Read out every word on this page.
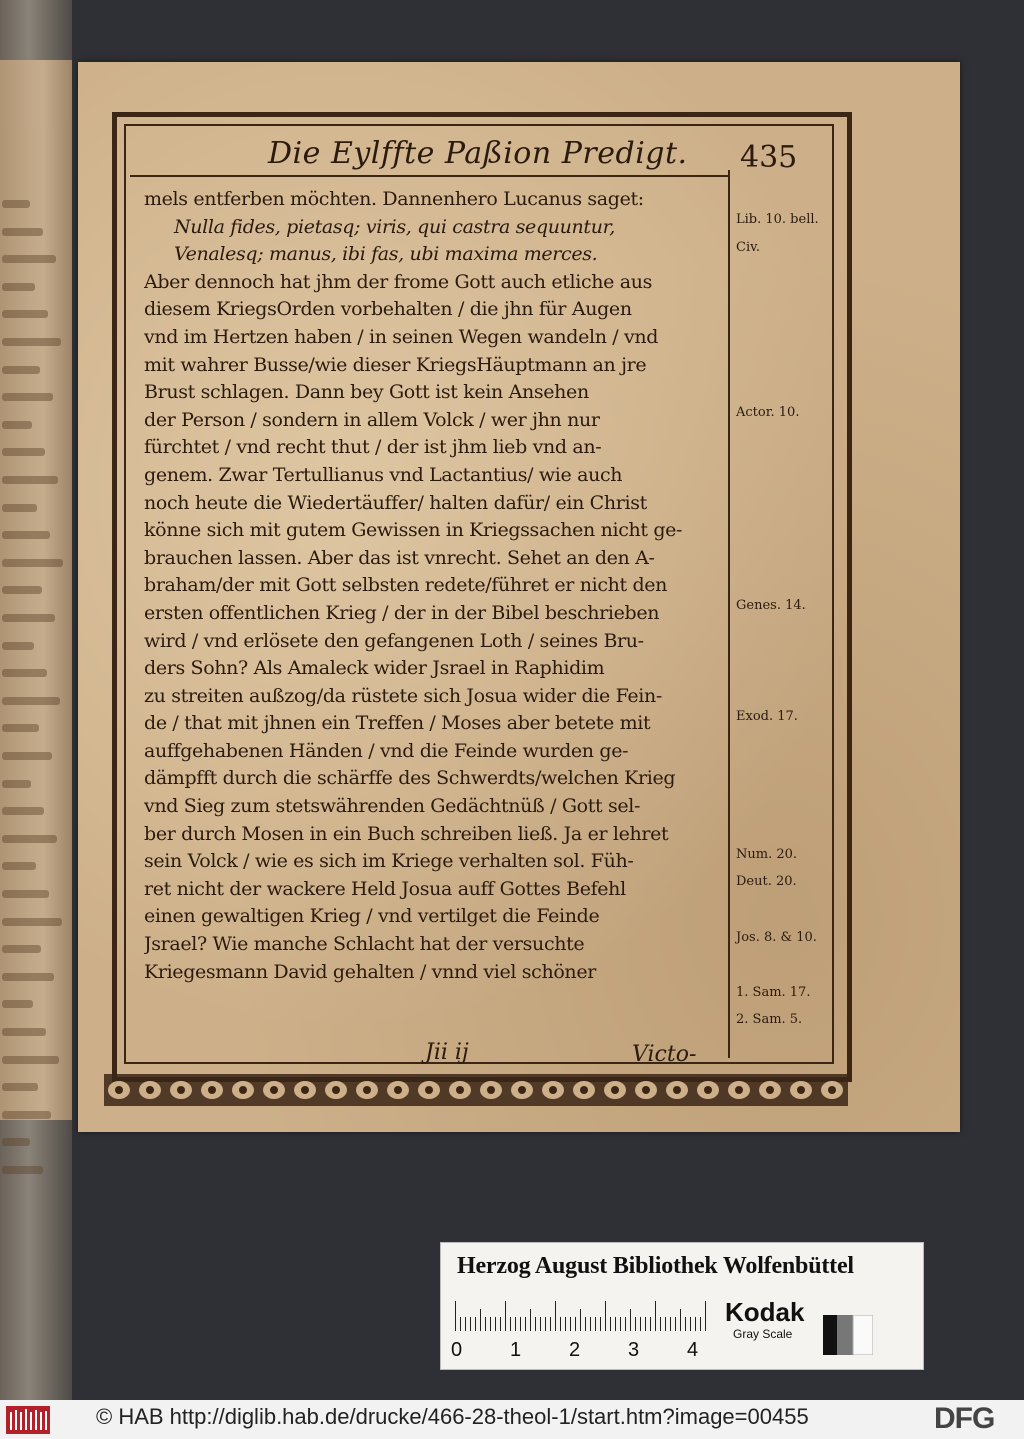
Die Eylffte Paßion Predigt. 435
mels entferben möchten. Dannenhero Lucanus saget:
Nulla fides, pietasq; viris, qui castra sequuntur,
Venalesq; manus, ibi fas, ubi maxima merces.
Aber dennoch hat jhm der frome Gott auch etliche aus
diesem KriegsOrden vorbehalten / die jhn für Augen
vnd im Hertzen haben / in seinen Wegen wandeln / vnd
mit wahrer Busse/wie dieser KriegsHäuptmann an jre
Brust schlagen. Dann bey Gott ist kein Ansehen
der Person / sondern in allem Volck / wer jhn nur
fürchtet / vnd recht thut / der ist jhm lieb vnd an-
genem. Zwar Tertullianus vnd Lactantius/ wie auch
noch heute die Wiedertäuffer/ halten dafür/ ein Christ
könne sich mit gutem Gewissen in Kriegssachen nicht ge-
brauchen lassen. Aber das ist vnrecht. Sehet an den A-
braham/der mit Gott selbsten redete/führet er nicht den
ersten offentlichen Krieg / der in der Bibel beschrieben
wird / vnd erlösete den gefangenen Loth / seines Bru-
ders Sohn? Als Amaleck wider Jsrael in Raphidim
zu streiten außzog/da rüstete sich Josua wider die Fein-
de / that mit jhnen ein Treffen / Moses aber betete mit
auffgehabenen Händen / vnd die Feinde wurden ge-
dämpfft durch die schärffe des Schwerdts/welchen Krieg
vnd Sieg zum stetswährenden Gedächtnüß / Gott sel-
ber durch Mosen in ein Buch schreiben ließ. Ja er lehret
sein Volck / wie es sich im Kriege verhalten sol. Füh-
ret nicht der wackere Held Josua auff Gottes Befehl
einen gewaltigen Krieg / vnd vertilget die Feinde
Jsrael? Wie manche Schlacht hat der versuchte
Kriegesmann David gehalten / vnnd viel schöner
Lib. 10. bell.
Civ.
Actor. 10.
Genes. 14.
Exod. 17.
Num. 20.
Deut. 20.
Jos. 8. & 10.
1. Sam. 17.
2. Sam. 5.
Jii ij	Victo-
Herzog August Bibliothek Wolfenbüttel
0 1 2 3 4
Kodak
Gray Scale
© HAB http://diglib.hab.de/drucke/466-28-theol-1/start.htm?image=00455	DFG
